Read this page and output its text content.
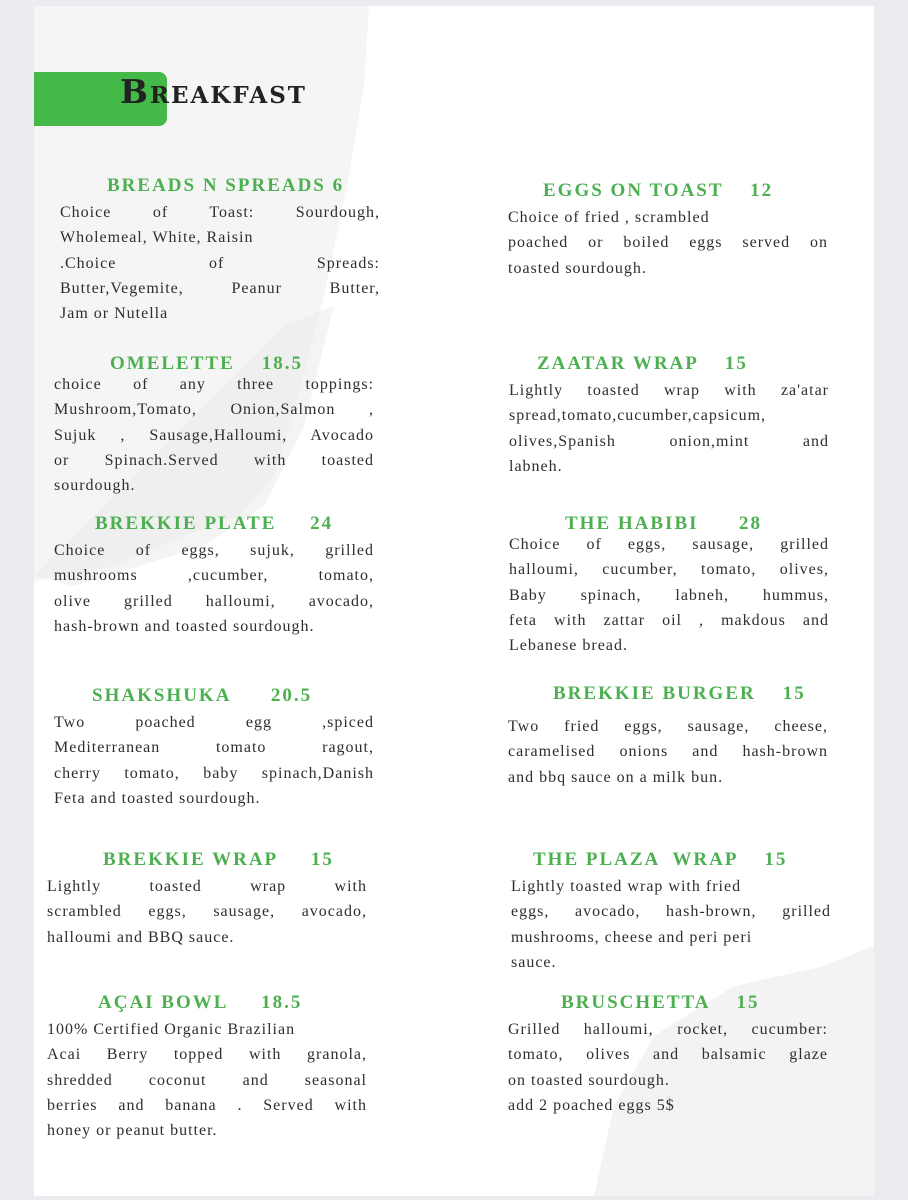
Breakfast
BREADS N SPREADS 6
Choice of Toast: Sourdough,
Wholemeal, White, Raisin
.Choice of Spreads:
Butter,Vegemite, Peanur Butter,
Jam or Nutella
OMELETTE    18.5
choice of any three toppings:
Mushroom,Tomato, Onion,Salmon ,
Sujuk , Sausage,Halloumi, Avocado
or Spinach.Served with toasted
sourdough.
BREKKIE PLATE     24
Choice of eggs, sujuk, grilled
mushrooms ,cucumber, tomato,
olive grilled halloumi, avocado,
hash-brown and toasted sourdough.
SHAKSHUKA      20.5
Two poached egg ,spiced
Mediterranean tomato ragout,
cherry tomato, baby spinach,Danish
Feta and toasted sourdough.
BREKKIE WRAP     15
Lightly toasted wrap with
scrambled eggs, sausage, avocado,
halloumi and BBQ sauce.
AÇAI BOWL     18.5
100% Certified Organic Brazilian
Acai Berry topped with granola,
shredded coconut and seasonal
berries and banana . Served with
honey or peanut butter.
EGGS ON TOAST    12
Choice of fried , scrambled
poached or boiled eggs served on
toasted sourdough.
ZAATAR WRAP    15
Lightly toasted wrap with za'atar
spread,tomato,cucumber,capsicum,
olives,Spanish onion,mint and
labneh.
THE HABIBI      28
Choice of eggs, sausage, grilled
halloumi, cucumber, tomato, olives,
Baby spinach, labneh, hummus,
feta with zattar oil , makdous and
Lebanese bread.
BREKKIE BURGER    15
Two fried eggs, sausage, cheese,
caramelised onions and hash-brown
and bbq sauce on a milk bun.
THE PLAZA  WRAP    15
Lightly toasted wrap with fried
eggs, avocado, hash-brown, grilled
mushrooms, cheese and peri peri
sauce.
BRUSCHETTA    15
Grilled halloumi, rocket, cucumber:
tomato, olives and balsamic glaze
on toasted sourdough.
add 2 poached eggs 5$
